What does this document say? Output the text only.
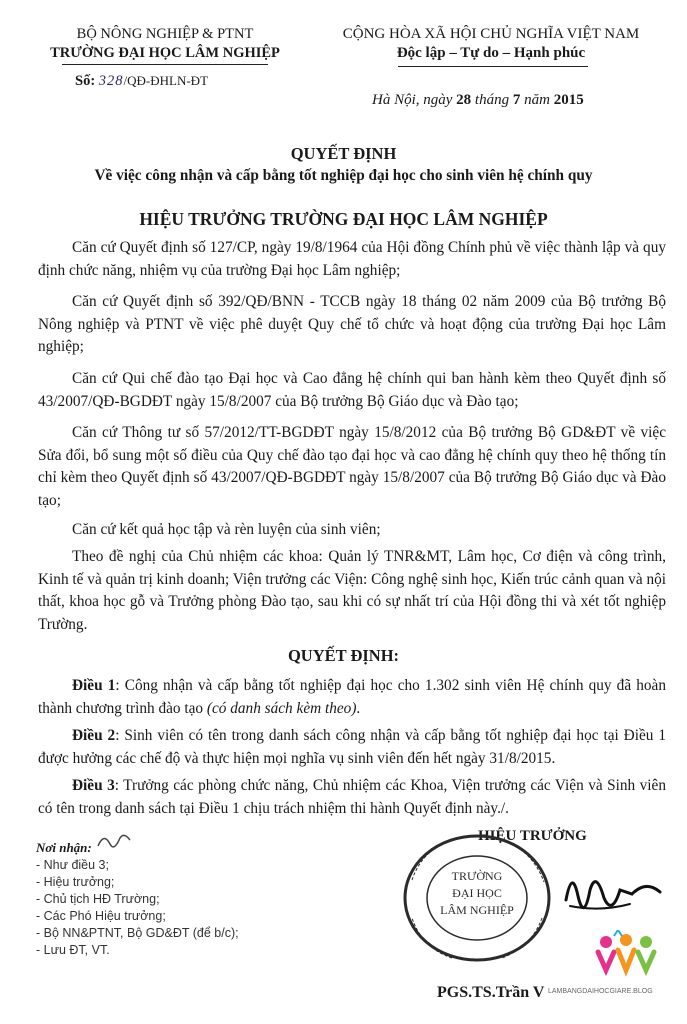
BỘ NÔNG NGHIỆP & PTNT
TRƯỜNG ĐẠI HỌC LÂM NGHIỆP
Số: 328/QĐ-ĐHLN-ĐT
CỘNG HÒA XÃ HỘI CHỦ NGHĨA VIỆT NAM
Độc lập – Tự do – Hạnh phúc
Hà Nội, ngày 28 tháng 7 năm 2015
QUYẾT ĐỊNH
Về việc công nhận và cấp bằng tốt nghiệp đại học cho sinh viên hệ chính quy
HIỆU TRƯỞNG TRƯỜNG ĐẠI HỌC LÂM NGHIỆP
Căn cứ Quyết định số 127/CP, ngày 19/8/1964 của Hội đồng Chính phủ về việc thành lập và quy định chức năng, nhiệm vụ của trường Đại học Lâm nghiệp;
Căn cứ Quyết định số 392/QĐ/BNN - TCCB ngày 18 tháng 02 năm 2009 của Bộ trưởng Bộ Nông nghiệp và PTNT về việc phê duyệt Quy chế tổ chức và hoạt động của trường Đại học Lâm nghiệp;
Căn cứ Qui chế đào tạo Đại học và Cao đẳng hệ chính qui ban hành kèm theo Quyết định số 43/2007/QĐ-BGDĐT ngày 15/8/2007 của Bộ trưởng Bộ Giáo dục và Đào tạo;
Căn cứ Thông tư số 57/2012/TT-BGDĐT ngày 15/8/2012 của Bộ trưởng Bộ GD&ĐT về việc Sửa đổi, bổ sung một số điều của Quy chế đào tạo đại học và cao đẳng hệ chính quy theo hệ thống tín chỉ kèm theo Quyết định số 43/2007/QĐ-BGDĐT ngày 15/8/2007 của Bộ trưởng Bộ Giáo dục và Đào tạo;
Căn cứ kết quả học tập và rèn luyện của sinh viên;
Theo đề nghị của Chủ nhiệm các khoa: Quản lý TNR&MT, Lâm học, Cơ điện và công trình, Kinh tế và quản trị kinh doanh; Viện trưởng các Viện: Công nghệ sinh học, Kiến trúc cảnh quan và nội thất, khoa học gỗ và Trưởng phòng Đào tạo, sau khi có sự nhất trí của Hội đồng thi và xét tốt nghiệp Trường.
QUYẾT ĐỊNH:
Điều 1: Công nhận và cấp bằng tốt nghiệp đại học cho 1.302 sinh viên Hệ chính quy đã hoàn thành chương trình đào tạo (có danh sách kèm theo).
Điều 2: Sinh viên có tên trong danh sách công nhận và cấp bằng tốt nghiệp đại học tại Điều 1 được hưởng các chế độ và thực hiện mọi nghĩa vụ sinh viên đến hết ngày 31/8/2015.
Điều 3: Trưởng các phòng chức năng, Chủ nhiệm các Khoa, Viện trưởng các Viện và Sinh viên có tên trong danh sách tại Điều 1 chịu trách nhiệm thi hành Quyết định này./.
Nơi nhận:
- Như điều 3;
- Hiệu trưởng;
- Chủ tịch HĐ Trường;
- Các Phó Hiệu trưởng;
- Bộ NN&PTNT, Bộ GD&ĐT (để b/c);
- Lưu ĐT, VT.
HIỆU TRƯỞNG
TRƯỜNG
ĐẠI HỌC
LÂM NGHIỆP
PGS.TS.Trần V LAMBANGDAIHOCGIARE.BLOG
